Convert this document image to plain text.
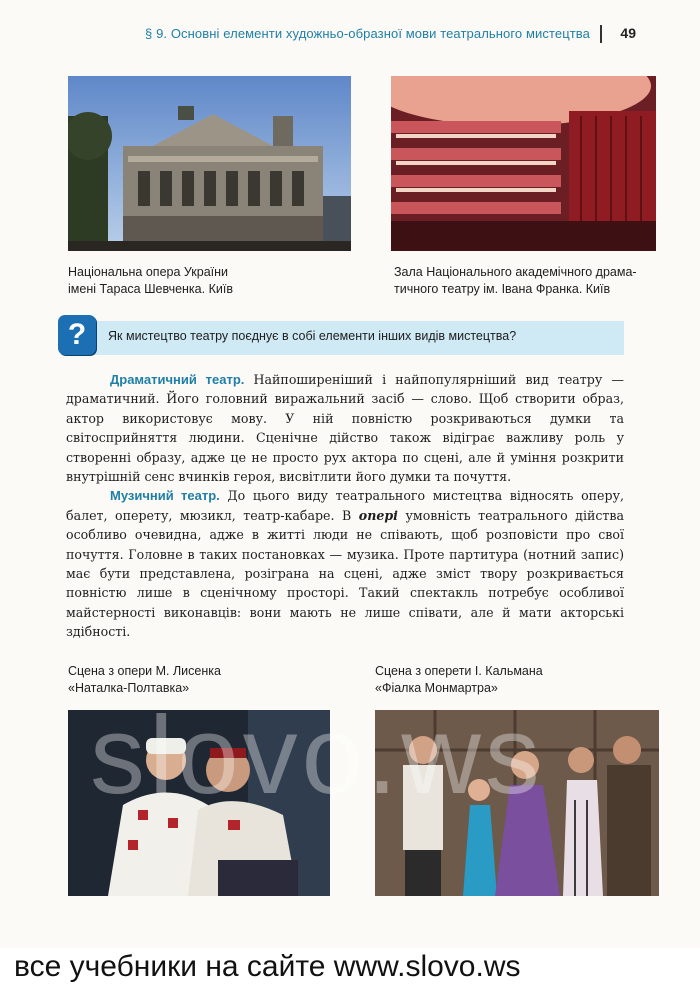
§ 9. Основні елементи художньо-образної мови театрального мистецтва 49
Національна опера України
імені Тараса Шевченка. Київ
Зала Національного академічного драма-
тичного театру ім. Івана Франка. Київ
?	Як мистецтво театру поєднує в собі елементи інших видів мистецтва?

Драматичний театр. Найпоширеніший і найпопулярніший вид театру — драматичний. Його головний виражальний засіб — слово. Щоб створити образ, актор використовує мову. У ній повністю розкриваються думки та світосприйняття людини. Сценічне дійство також відіграє важливу роль у створенні образу, адже це не просто рух актора по сцені, але й уміння розкрити внутрішній сенс вчинків героя, висвітлити його думки та почуття.

Музичний театр. До цього виду театрального мистецтва відносять оперу, балет, оперету, мюзикл, театр-кабаре. В опері умовність театрального дійства особливо очевидна, адже в житті люди не співають, щоб розповісти про свої почуття. Головне в таких постановках — музика. Проте партитура (нотний запис) має бути представлена, розіграна на сцені, адже зміст твору розкривається повністю лише в сценічному просторі. Такий спектакль потребує особливої майстерності виконавців: вони мають не лише співати, але й мати акторські здібності.

Сцена з опери М. Лисенка
«Наталка-Полтавка»
Сцена з оперети І. Кальмана
«Фіалка Монмартра»
slovo.ws
все учебники на сайте www.slovo.ws
